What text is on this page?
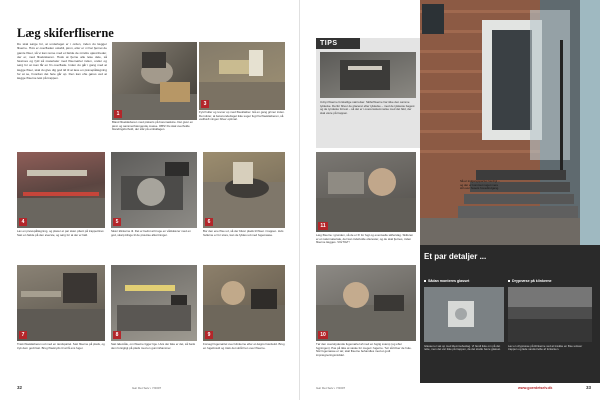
Læg skiferfliserne
Du skal sørge for, at underlaget er i orden, inden du lægger fliserne. Hvis er overfladen ustabil, jævn, eller er vi har fjernet de gamle fliser, så vi kan rense med et fælde de mindre ujævnheder, der er, med flisekiskeren. Husk at fjerne alle løse dele, så fæstnes og fyld så materialer med flisemørtel inden, under og sørg for at man får en fin overflade. Inden du går i gang med at lægge fliser, skal du give dig god tid til at lave en prøvepålægning for at se, hvordan det hele går op. Den kan ofte gøres ved at lægge fliserne løst på trappen.
1
3
Fyld huller og revner op med fliseklæber. Gå en gang grimer inden. Det sikrer, at betonunderlaget ikke suger fugt fra fliseklæberen, så vedhæft ningen bliver optimal.
Bland fliseklæberen med piskeris på boremaskine. Det giver en jævn og sammenhængende masse. OBS! Du skal overholde blandingsforhold, der står på emballagen.
4
Lav en prøvepålægning, og placer et par stæn pilent på trappetrinet. Sæt en fælde på den øverste, og sørg for at der er fald.
5
Skær klinkerne til. Det er bedst at bruge en vådskærer med en god, skarp klinge til de præcise afkortninger.
6
Bor den ene flise ud, så der bliver plads til flisen i trappen. Hvis hullerne er for store, kan de fyldes ud med fugemasse.
7
Træk fliseklæberen ud med en tandspartel. Sæt fliserne på plads, og tryk dem godt fast. Brug flisekryds til at få ens fuger.
8
Sæt lølemåle, om fliserne ligger lige. Hvis der ikke er det, så bank dem forsigtigt på plads med en gummihammer.
9
Forsegl fugemørtel over klinkerne efter et døgns hærdetid. Brug en fugebrædt og træk det skråt hen over fliserne.
32	Gør Det Selv • 7/2007
TIPS
Udnyt fliserne forskellige størrelser. Skiferfliserne har ikke den samme tykkelse. Derfor bliver de placeret efter tykkelse – med de tykkeste bagest og de tyndeste forrest – så det er i overensstemmelse med det fald, der skal være på trappen.
11
Læg fliserne i grunden, så de er fri for fugt og eventuelle skiferslag. Skiferen er et naturmateriale, der kan indeholde olierester, og de skal fjernes, inden fliserne lægges. VIGTIGT!
10
Tør den overskydende fugemørtel af med en fugtig svamp (og efter fugningen). Pas på ikke at vaske for meget i fugerne. Tør så bliver de hule. Når fugemasse er tør, skal fliserne behandles med et godt imprægneringsmiddel.
33
Gør Det Selv • 7/2007	www.goerdetselv.dk
Så er indgangspartiet færdigt – og der er kommet noget mere stil over husets hovedindgang.
Et par detaljer ...
Sådan monteres glasset
Glasset er sat op med klemmebeslag. Vi fandt ikke om på det rette, men det var ikke på trappen, da det skulle bære glasset.
Drypnæse på klinkerne
Lav en drypnæse på klinkerne ved at trække en flise udover trappen og lade vandet løbe af forkanten.
